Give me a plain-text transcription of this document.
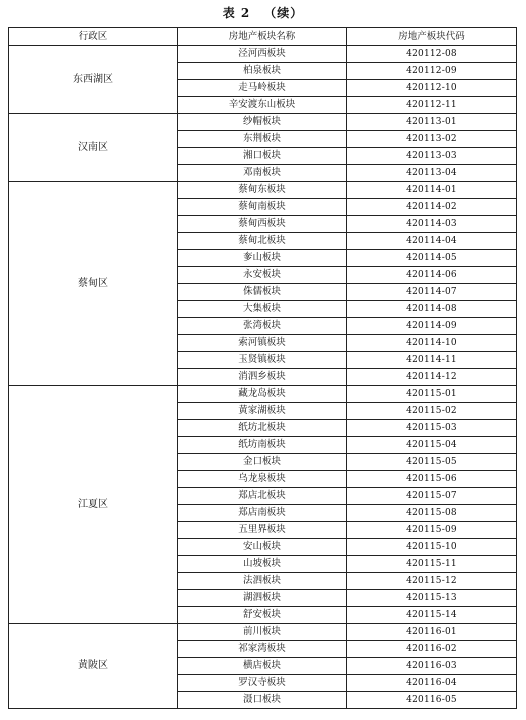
表 2 （续）
行政区	房地产板块名称	房地产板块代码
东西湖区	泾河西板块	420112-08
	柏泉板块	420112-09
	走马岭板块	420112-10
	辛安渡东山板块	420112-11
汉南区	纱帽板块	420113-01
	东荆板块	420113-02
	湘口板块	420113-03
	邓南板块	420113-04
蔡甸区	蔡甸东板块	420114-01
	蔡甸南板块	420114-02
	蔡甸西板块	420114-03
	蔡甸北板块	420114-04
	奓山板块	420114-05
	永安板块	420114-06
	侏儒板块	420114-07
	大集板块	420114-08
	张湾板块	420114-09
	索河镇板块	420114-10
	玉贤镇板块	420114-11
	消泗乡板块	420114-12
江夏区	藏龙岛板块	420115-01
	黄家湖板块	420115-02
	纸坊北板块	420115-03
	纸坊南板块	420115-04
	金口板块	420115-05
	乌龙泉板块	420115-06
	郑店北板块	420115-07
	郑店南板块	420115-08
	五里界板块	420115-09
	安山板块	420115-10
	山坡板块	420115-11
	法泗板块	420115-12
	湖泗板块	420115-13
	舒安板块	420115-14
黄陂区	前川板块	420116-01
	祁家湾板块	420116-02
	横店板块	420116-03
	罗汉寺板块	420116-04
	滠口板块	420116-05
